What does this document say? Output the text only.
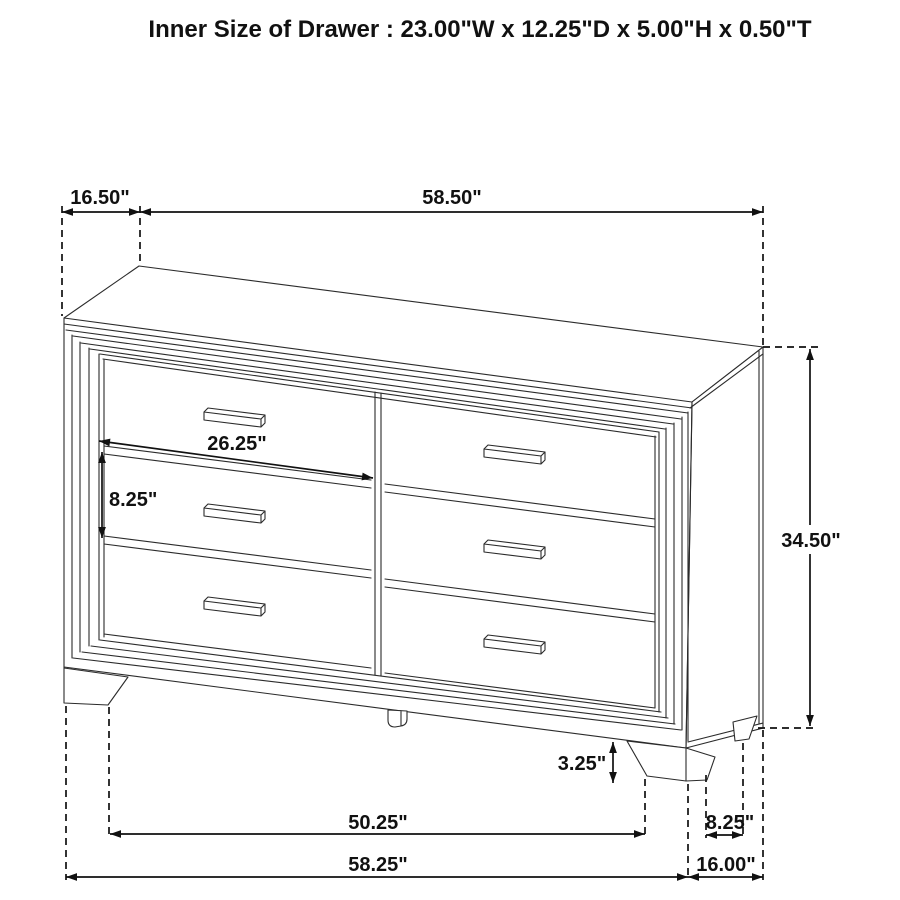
Inner Size of Drawer : 23.00"W x 12.25"D x 5.00"H x 0.50"T
16.50"	58.50"
34.50"
26.25"
8.25"
3.25"
50.25"	8.25"
58.25"	16.00"
